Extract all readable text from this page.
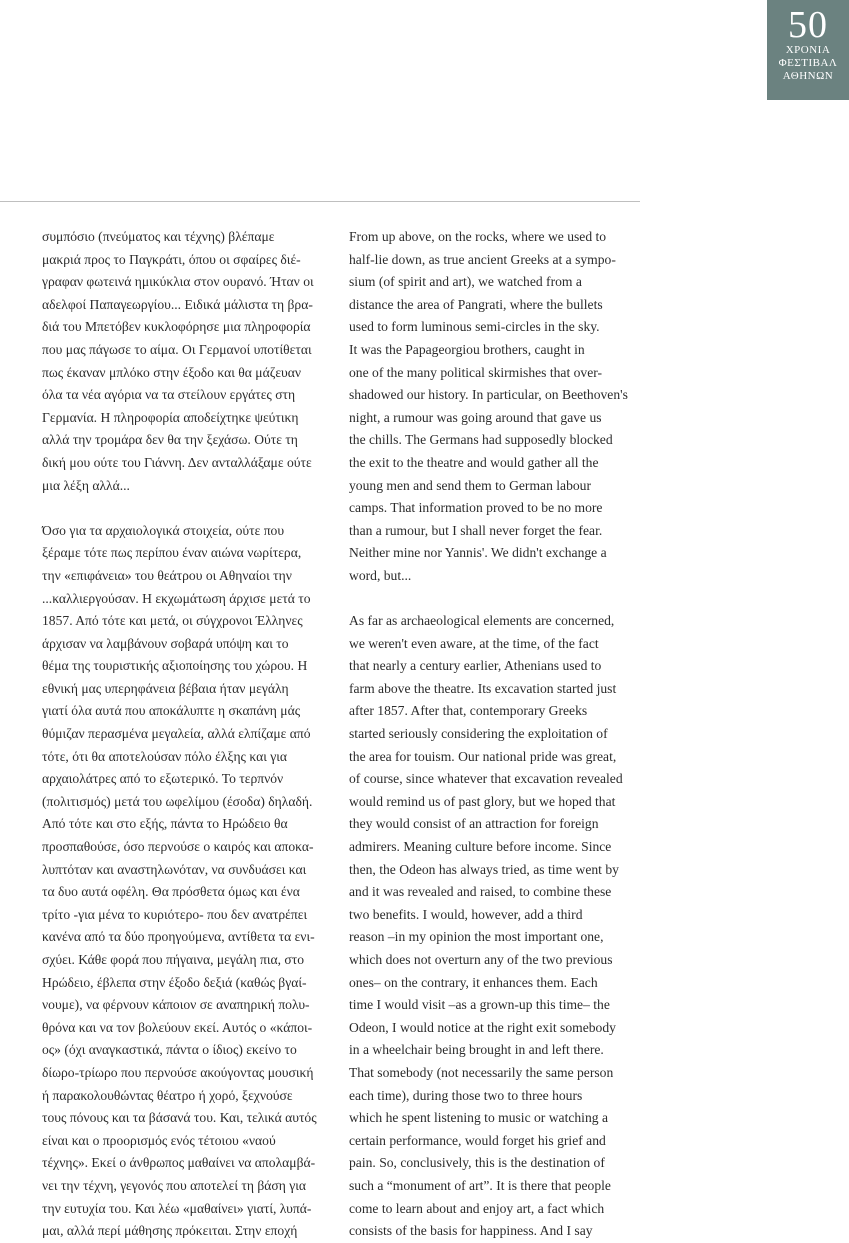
50
ΧΡΟΝΙΑ
ΦΕΣΤΙΒΑΛ
ΑΘΗΝΩΝ

συμπόσιο (πνεύματος και τέχνης) βλέπαμε
μακριά προς το Παγκράτι, όπου οι σφαίρες διέ-
γραφαν φωτεινά ημικύκλια στον ουρανό. Ήταν οι
αδελφοί Παπαγεωργίου... Ειδικά μάλιστα τη βρα-
διά του Μπετόβεν κυκλοφόρησε μια πληροφορία
που μας πάγωσε το αίμα. Οι Γερμανοί υποτίθεται
πως έκαναν μπλόκο στην έξοδο και θα μάζευαν
όλα τα νέα αγόρια να τα στείλουν εργάτες στη
Γερμανία. Η πληροφορία αποδείχτηκε ψεύτικη
αλλά την τρομάρα δεν θα την ξεχάσω. Ούτε τη
δική μου ούτε του Γιάννη. Δεν ανταλλάξαμε ούτε
μια λέξη αλλά...

Όσο για τα αρχαιολογικά στοιχεία, ούτε που
ξέραμε τότε πως περίπου έναν αιώνα νωρίτερα,
την «επιφάνεια» του θεάτρου οι Αθηναίοι την
...καλλιεργούσαν. Η εκχωμάτωση άρχισε μετά το
1857. Από τότε και μετά, οι σύγχρονοι Έλληνες
άρχισαν να λαμβάνουν σοβαρά υπόψη και το
θέμα της τουριστικής αξιοποίησης του χώρου. Η
εθνική μας υπερηφάνεια βέβαια ήταν μεγάλη
γιατί όλα αυτά που αποκάλυπτε η σκαπάνη μάς
θύμιζαν περασμένα μεγαλεία, αλλά ελπίζαμε από
τότε, ότι θα αποτελούσαν πόλο έλξης και για
αρχαιολάτρες από το εξωτερικό. Το τερπνόν
(πολιτισμός) μετά του ωφελίμου (έσοδα) δηλαδή.
Από τότε και στο εξής, πάντα το Ηρώδειο θα
προσπαθούσε, όσο περνούσε ο καιρός και αποκα-
λυπτόταν και αναστηλωνόταν, να συνδυάσει και
τα δυο αυτά οφέλη. Θα πρόσθετα όμως και ένα
τρίτο -για μένα το κυριότερο- που δεν ανατρέπει
κανένα από τα δύο προηγούμενα, αντίθετα τα ενι-
σχύει. Κάθε φορά που πήγαινα, μεγάλη πια, στο
Ηρώδειο, έβλεπα στην έξοδο δεξιά (καθώς βγαί-
νουμε), να φέρνουν κάποιον σε αναπηρική πολυ-
θρόνα και να τον βολεύουν εκεί. Αυτός ο «κάποι-
ος» (όχι αναγκαστικά, πάντα ο ίδιος) εκείνο το
δίωρο-τρίωρο που περνούσε ακούγοντας μουσική
ή παρακολουθώντας θέατρο ή χορό, ξεχνούσε
τους πόνους και τα βάσανά του. Και, τελικά αυτός
είναι και ο προορισμός ενός τέτοιου «ναού
τέχνης». Εκεί ο άνθρωπος μαθαίνει να απολαμβά-
νει την τέχνη, γεγονός που αποτελεί τη βάση για
την ευτυχία του. Και λέω «μαθαίνει» γιατί, λυπά-
μαι, αλλά περί μάθησης πρόκειται. Στην εποχή

From up above, on the rocks, where we used to
half-lie down, as true ancient Greeks at a sympo-
sium (of spirit and art), we watched from a
distance the area of Pangrati, where the bullets
used to form luminous semi-circles in the sky.
It was the Papageorgiou brothers, caught in
one of the many political skirmishes that over-
shadowed our history. In particular, on Beethoven's
night, a rumour was going around that gave us
the chills. The Germans had supposedly blocked
the exit to the theatre and would gather all the
young men and send them to German labour
camps. That information proved to be no more
than a rumour, but I shall never forget the fear.
Neither mine nor Yannis'. We didn't exchange a
word, but...

As far as archaeological elements are concerned,
we weren't even aware, at the time, of the fact
that nearly a century earlier, Athenians used to
farm above the theatre. Its excavation started just
after 1857. After that, contemporary Greeks
started seriously considering the exploitation of
the area for touism. Our national pride was great,
of course, since whatever that excavation revealed
would remind us of past glory, but we hoped that
they would consist of an attraction for foreign
admirers. Meaning culture before income. Since
then, the Odeon has always tried, as time went by
and it was revealed and raised, to combine these
two benefits. I would, however, add a third
reason –in my opinion the most important one,
which does not overturn any of the two previous
ones– on the contrary, it enhances them. Each
time I would visit –as a grown-up this time– the
Odeon, I would notice at the right exit somebody
in a wheelchair being brought in and left there.
That somebody (not necessarily the same person
each time), during those two to three hours
which he spent listening to music or watching a
certain performance, would forget his grief and
pain. So, conclusively, this is the destination of
such a “monument of art”. It is there that people
come to learn about and enjoy art, a fact which
consists of the basis for happiness. And I say
